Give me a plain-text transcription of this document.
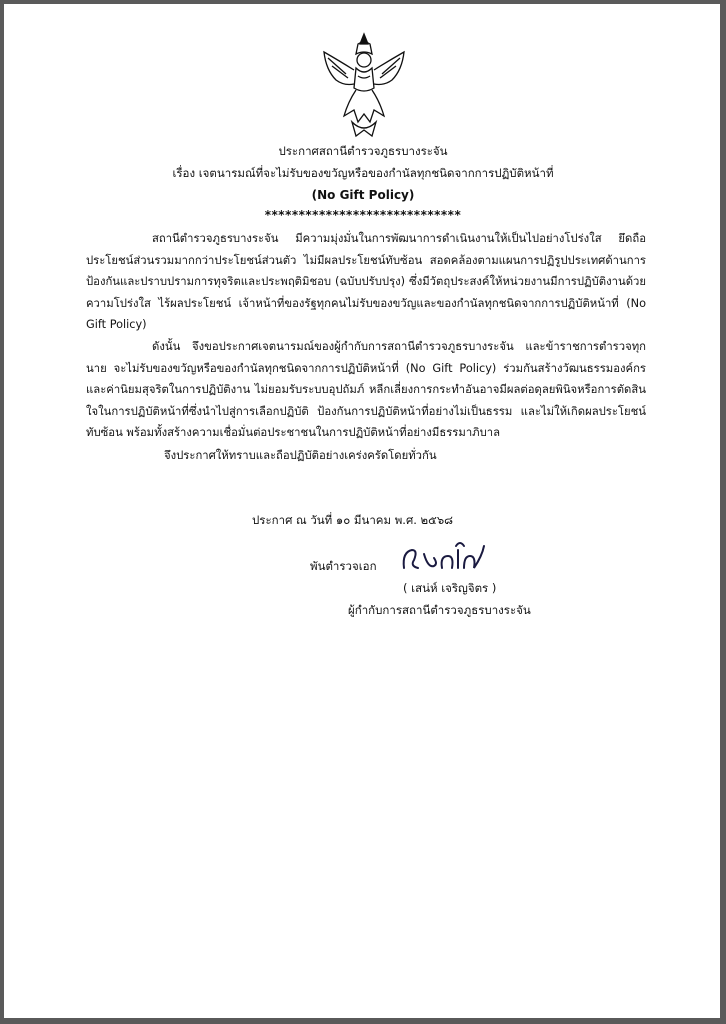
ประกาศสถานีตำรวจภูธรบางระจัน
เรื่อง เจตนารมณ์ที่จะไม่รับของขวัญหรือของกำนัลทุกชนิดจากการปฏิบัติหน้าที่
(No Gift Policy)
*****************************

สถานีตำรวจภูธรบางระจัน มีความมุ่งมั่นในการพัฒนาการดำเนินงานให้เป็นไปอย่างโปร่งใส ยึดถือประโยชน์ส่วนรวมมากกว่าประโยชน์ส่วนตัว ไม่มีผลประโยชน์ทับซ้อน สอดคล้องตามแผนการปฏิรูปประเทศด้านการป้องกันและปราบปรามการทุจริตและประพฤติมิชอบ (ฉบับปรับปรุง) ซึ่งมีวัตถุประสงค์ให้หน่วยงานมีการปฏิบัติงานด้วยความโปร่งใส ไร้ผลประโยชน์ เจ้าหน้าที่ของรัฐทุกคนไม่รับของขวัญและของกำนัลทุกชนิดจากการปฏิบัติหน้าที่ (No Gift Policy)

ดังนั้น จึงขอประกาศเจตนารมณ์ของผู้กำกับการสถานีตำรวจภูธรบางระจัน และข้าราชการตำรวจทุกนาย จะไม่รับของขวัญหรือของกำนัลทุกชนิดจากการปฏิบัติหน้าที่ (No Gift Policy) ร่วมกันสร้างวัฒนธรรมองค์กรและค่านิยมสุจริตในการปฏิบัติงาน ไม่ยอมรับระบบอุปถัมภ์ หลีกเลี่ยงการกระทำอันอาจมีผลต่อดุลยพินิจหรือการตัดสินใจในการปฏิบัติหน้าที่ซึ่งนำไปสู่การเลือกปฏิบัติ ป้องกันการปฏิบัติหน้าที่อย่างไม่เป็นธรรม และไม่ให้เกิดผลประโยชน์ทับซ้อน พร้อมทั้งสร้างความเชื่อมั่นต่อประชาชนในการปฏิบัติหน้าที่อย่างมีธรรมาภิบาล

จึงประกาศให้ทราบและถือปฏิบัติอย่างเคร่งครัดโดยทั่วกัน

ประกาศ ณ วันที่ ๑๐ มีนาคม พ.ศ. ๒๕๖๘
พันตำรวจเอก
( เสน่ห์ เจริญจิตร )
ผู้กำกับการสถานีตำรวจภูธรบางระจัน
